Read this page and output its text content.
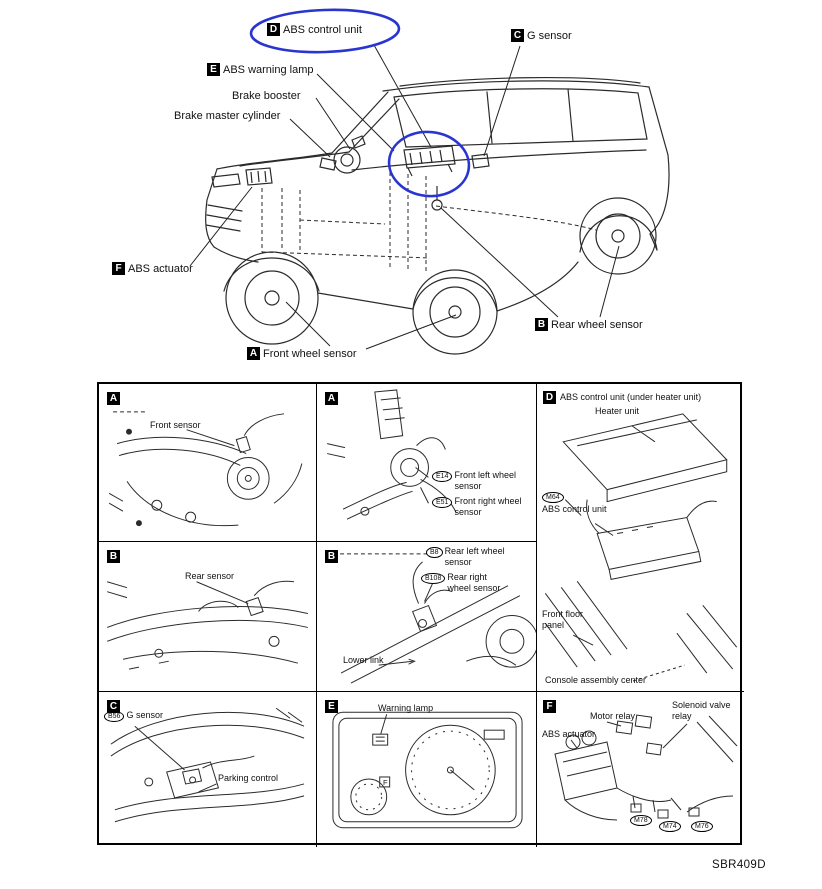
D ABS control unit	C G sensor
E ABS warning lamp
Brake booster
Brake master cylinder
F ABS actuator
B Rear wheel sensor
A Front wheel sensor
A
Front sensor
A
E14 Front left wheel sensor
E51 Front right wheel sensor
D ABS control unit (under heater unit)
Heater unit
M64
ABS control unit
Front floor panel
Console assembly center
B
Rear sensor
B	B8 Rear left wheel sensor
B108 Rear right wheel sensor
Lower link
C
B56 G sensor
Parking control
E	Warning lamp
F
F
ABS actuator
Motor relay
Solenoid valve relay
M78
M74	M76
SBR409D
